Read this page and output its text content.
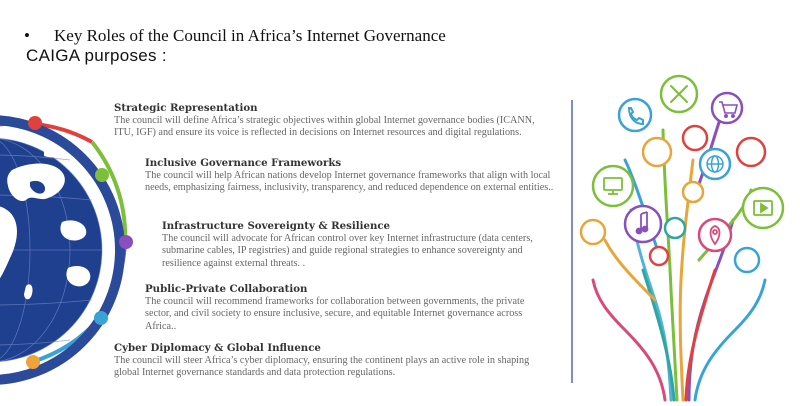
• Key Roles of the Council in Africa’s Internet Governance
CAIGA purposes :
Strategic Representation
The council will define Africa’s strategic objectives within global Internet governance bodies (ICANN, ITU, IGF) and ensure its voice is reflected in decisions on Internet resources and digital regulations.
Inclusive Governance Frameworks
The council will help African nations develop Internet governance frameworks that align with local needs, emphasizing fairness, inclusivity, transparency, and reduced dependence on external entities..
Infrastructure Sovereignty & Resilience
The council will advocate for African control over key Internet infrastructure (data centers, submarine cables, IP registries) and guide regional strategies to enhance sovereignty and resilience against external threats. .
Public-Private Collaboration
The council will recommend frameworks for collaboration between governments, the private sector, and civil society to ensure inclusive, secure, and equitable Internet governance across Africa..
Cyber Diplomacy & Global Influence
The council will steer Africa’s cyber diplomacy, ensuring the continent plays an active role in shaping global Internet governance standards and data protection regulations.
